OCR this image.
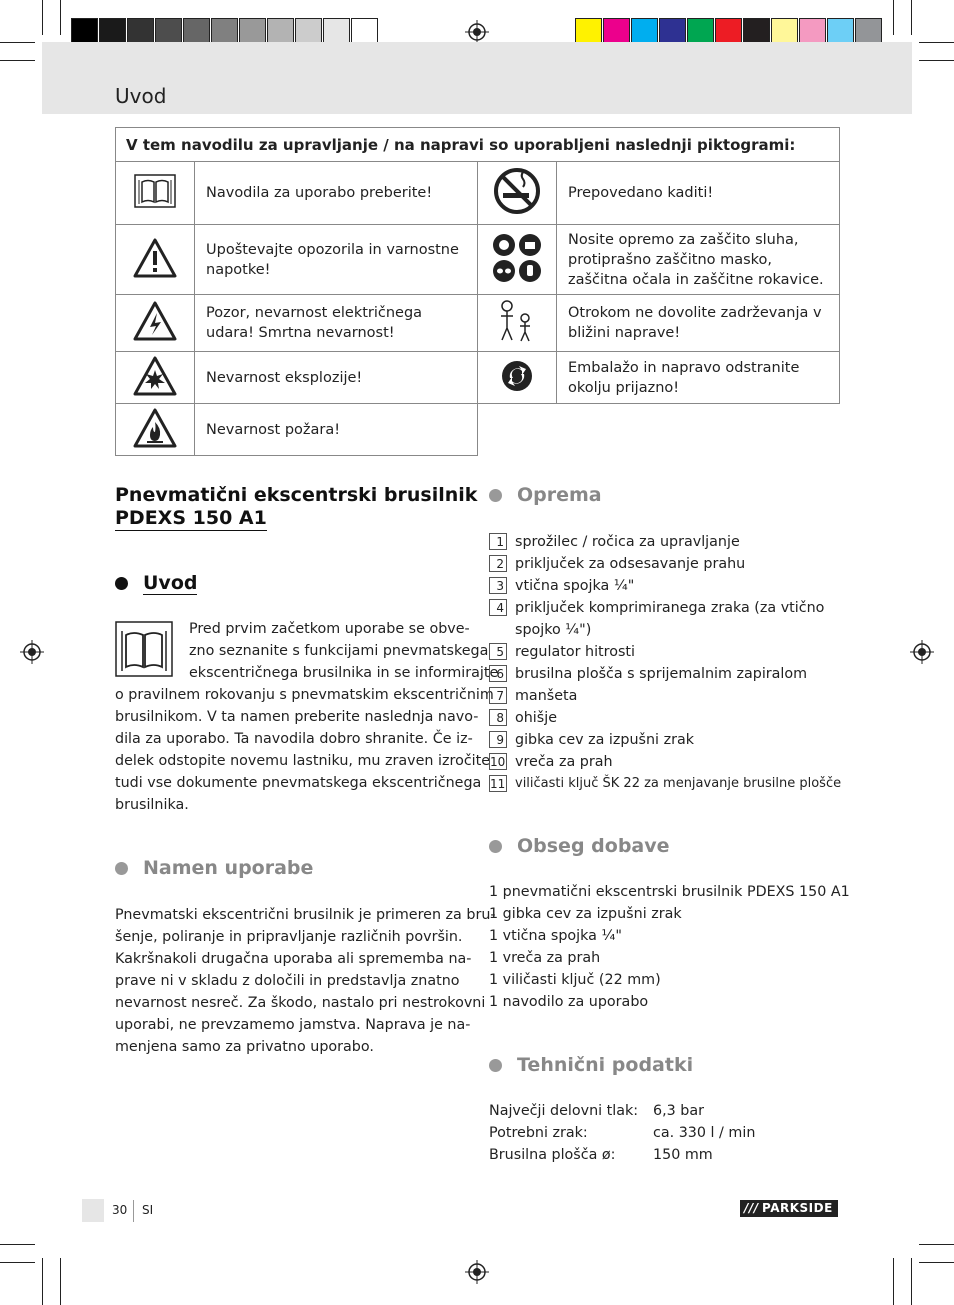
Uvod
V tem navodilu za upravljanje / na napravi so uporabljeni naslednji piktogrami:			
	Navodila za uporabo preberite!		Prepovedano kaditi!
	Upoštevajte opozorila in varnostne napotke!		Nosite opremo za zaščito sluha, protiprašno zaščitno masko, zaščitna očala in zaščitne rokavice.
	Pozor, nevarnost električnega udara! Smrtna nevarnost!		Otrokom ne dovolite zadrževanja v bližini naprave!
	Nevarnost eksplozije!		Embalažo in napravo odstranite okolju prijazno!
	Nevarnost požara!		
Pnevmatični ekscentrski brusilnik
PDEXS 150 A1
Uvod

Pred prvim začetkom uporabe se obve-

zno seznanite s funkcijami pnevmatskega

ekscentričnega brusilnika in se informirajte

o pravilnem rokovanju s pnevmatskim ekscentričnim

brusilnikom. V ta namen preberite naslednja navo-

dila za uporabo. Ta navodila dobro shranite. Če iz-

delek odstopite novemu lastniku, mu zraven izročite

tudi vse dokumente pnevmatskega ekscentričnega

brusilnika.

Namen uporabe

Pnevmatski ekscentrični brusilnik je primeren za bru-

šenje, poliranje in pripravljanje različnih površin.

Kakršnakoli drugačna uporaba ali sprememba na-

prave ni v skladu z določili in predstavlja znatno

nevarnost nesreč. Za škodo, nastalo pri nestrokovni

uporabi, ne prevzamemo jamstva. Naprava je na-

menjena samo za privatno uporabo.

Oprema
1 sprožilec / ročica za upravljanje
2 priključek za odsesavanje prahu
3 vtična spojka ¼"
4 priključek komprimiranega zraka (za vtično spojko ¼")
5 regulator hitrosti
6 brusilna plošča s sprijemalnim zapiralom
7 manšeta
8 ohišje
9 gibka cev za izpušni zrak
10 vreča za prah
11 viličasti ključ ŠK 22 za menjavanje brusilne plošče
Obseg dobave
1 pnevmatični ekscentrski brusilnik PDEXS 150 A1
1 gibka cev za izpušni zrak
1 vtična spojka ¼"
1 vreča za prah
1 viličasti ključ (22 mm)
1 navodilo za uporabo
Tehnični podatki
Največji delovni tlak:	6,3 bar
Potrebni zrak:	ca. 330 l / min
Brusilna plošča ø:	150 mm
30 SI	/// PARKSIDE
